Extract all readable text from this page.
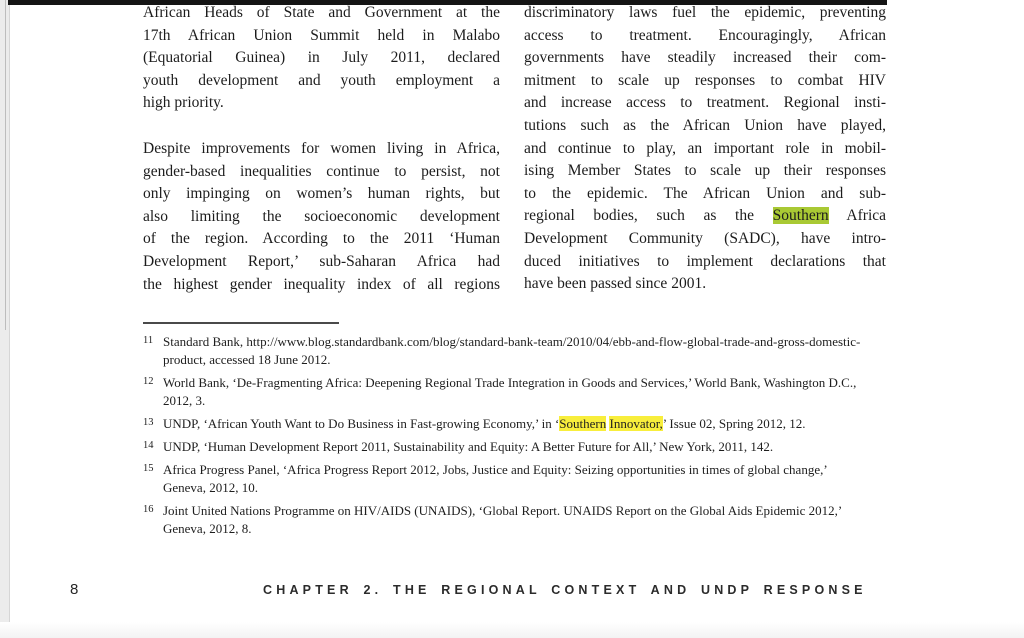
African Heads of State and Government at the
17th African Union Summit held in Malabo
(Equatorial Guinea) in July 2011, declared
youth development and youth employment a
high priority.
Despite improvements for women living in Africa,
gender-based inequalities continue to persist, not
only impinging on women’s human rights, but
also limiting the socioeconomic development
of the region. According to the 2011 ‘Human
Development Report,’ sub-Saharan Africa had
the highest gender inequality index of all regions
discriminatory laws fuel the epidemic, preventing
access to treatment. Encouragingly, African
governments have steadily increased their com-
mitment to scale up responses to combat HIV
and increase access to treatment. Regional insti-
tutions such as the African Union have played,
and continue to play, an important role in mobil-
ising Member States to scale up their responses
to the epidemic. The African Union and sub-
regional bodies, such as the Southern Africa
Development Community (SADC), have intro-
duced initiatives to implement declarations that
have been passed since 2001.
11 Standard Bank, http://www.blog.standardbank.com/blog/standard-bank-team/2010/04/ebb-and-flow-global-trade-and-gross-domestic-product, accessed 18 June 2012.
12 World Bank, ‘De-Fragmenting Africa: Deepening Regional Trade Integration in Goods and Services,’ World Bank, Washington D.C., 2012, 3.
13 UNDP, ‘African Youth Want to Do Business in Fast-growing Economy,’ in ‘Southern Innovator,’ Issue 02, Spring 2012, 12.
14 UNDP, ‘Human Development Report 2011, Sustainability and Equity: A Better Future for All,’ New York, 2011, 142.
15 Africa Progress Panel, ‘Africa Progress Report 2012, Jobs, Justice and Equity: Seizing opportunities in times of global change,’ Geneva, 2012, 10.
16 Joint United Nations Programme on HIV/AIDS (UNAIDS), ‘Global Report. UNAIDS Report on the Global Aids Epidemic 2012,’ Geneva, 2012, 8.
8	CHAPTER 2. THE REGIONAL CONTEXT AND UNDP RESPONSE
